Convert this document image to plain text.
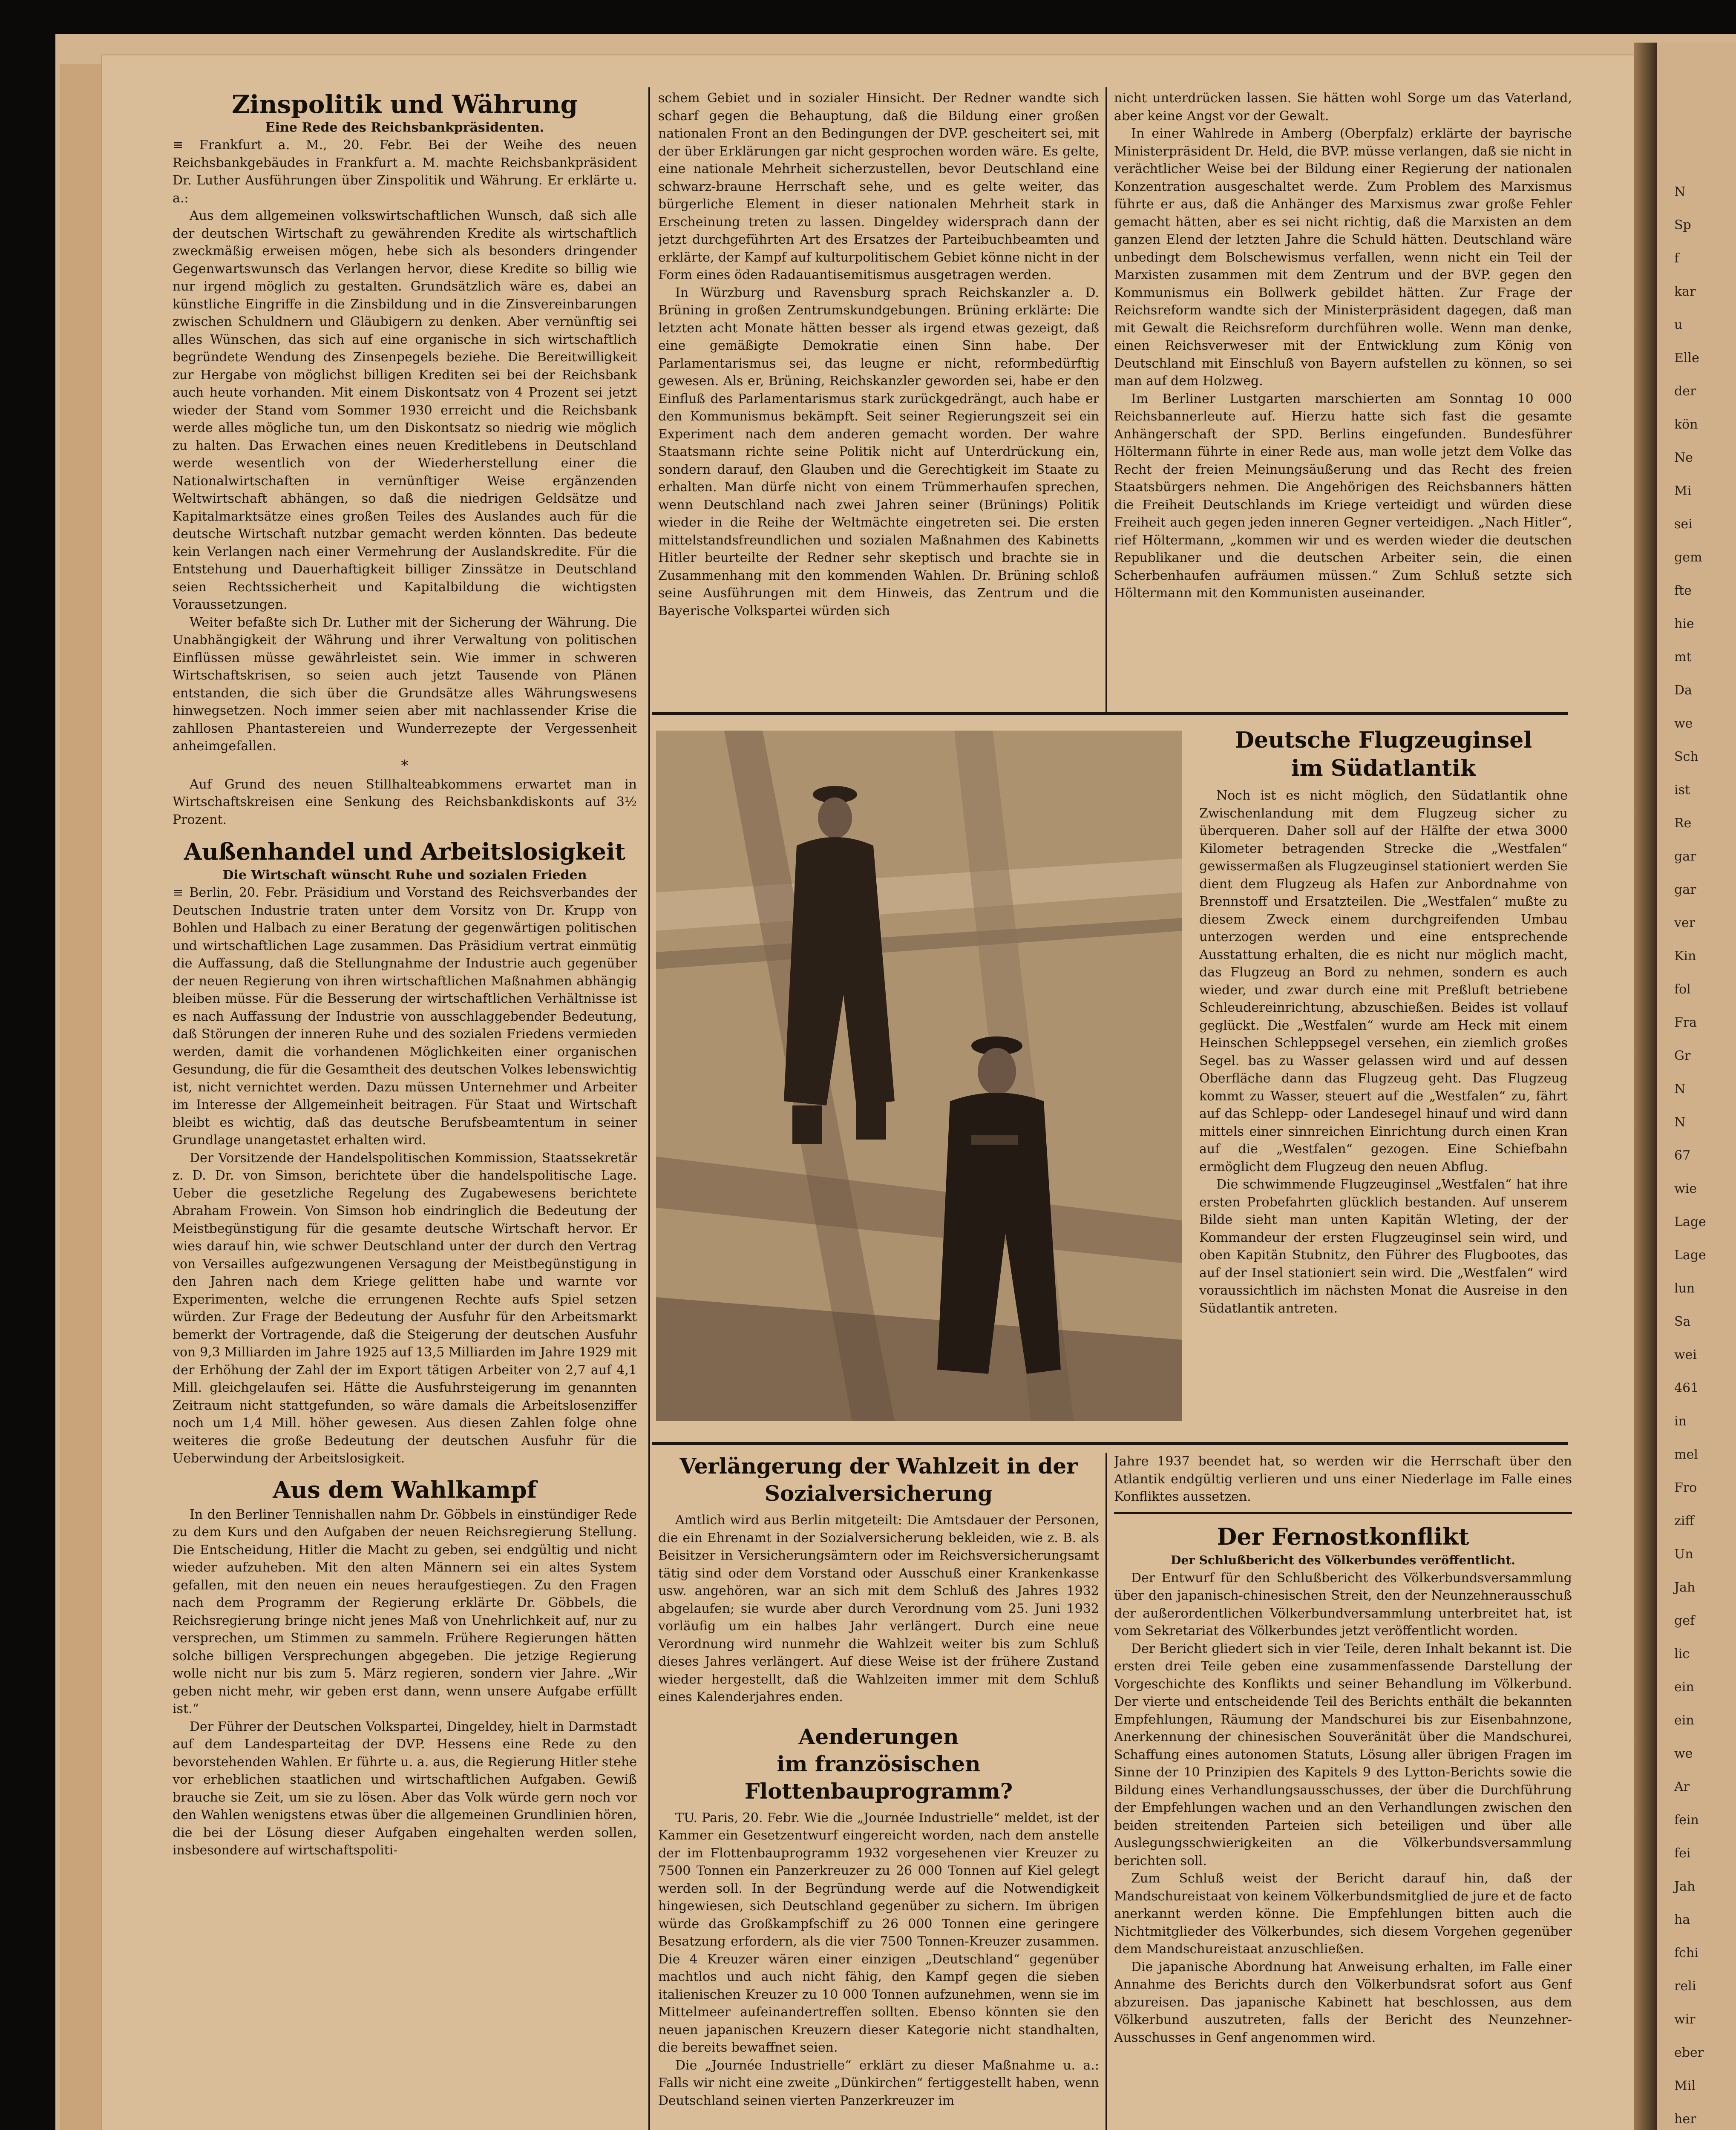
N
Sp
f
kar
u
Elle
der
kön
Ne
Mi
sei
gem
fte
hie
mt
Da
we
Sch
ist
Re
gar
gar
ver
Kin
fol
Fra
Gr
N
N
67
wie
Lage
Lage
lun
Sa
wei
461
in
mel
Fro
ziff
Un
Jah
gef
lic
ein
ein
we
Ar
fein
fei
Jah
ha
fchi
reli
wir
eber
Mil
her
Zinspolitik und Währung

Eine Rede des Reichsbankpräsidenten.

≡ Frankfurt a. M., 20. Febr. Bei der Weihe des neuen Reichsbankgebäudes in Frankfurt a. M. machte Reichsbankpräsident Dr. Luther Ausführungen über Zinspolitik und Währung. Er erklärte u. a.:

Aus dem allgemeinen volkswirtschaftlichen Wunsch, daß sich alle der deutschen Wirtschaft zu gewährenden Kredite als wirtschaftlich zweckmäßig erweisen mögen, hebe sich als besonders dringender Gegenwartswunsch das Verlangen hervor, diese Kredite so billig wie nur irgend möglich zu gestalten. Grundsätzlich wäre es, dabei an künstliche Eingriffe in die Zinsbildung und in die Zinsvereinbarungen zwischen Schuldnern und Gläubigern zu denken. Aber vernünftig sei alles Wünschen, das sich auf eine organische in sich wirtschaftlich begründete Wendung des Zinsenpegels beziehe. Die Bereitwilligkeit zur Hergabe von möglichst billigen Krediten sei bei der Reichsbank auch heute vorhanden. Mit einem Diskontsatz von 4 Prozent sei jetzt wieder der Stand vom Sommer 1930 erreicht und die Reichsbank werde alles mögliche tun, um den Diskontsatz so niedrig wie möglich zu halten. Das Erwachen eines neuen Kreditlebens in Deutschland werde wesentlich von der Wiederherstellung einer die Nationalwirtschaften in vernünftiger Weise ergänzenden Weltwirtschaft abhängen, so daß die niedrigen Geldsätze und Kapitalmarktsätze eines großen Teiles des Auslandes auch für die deutsche Wirtschaft nutzbar gemacht werden könnten. Das bedeute kein Verlangen nach einer Vermehrung der Auslandskredite. Für die Entstehung und Dauerhaftigkeit billiger Zinssätze in Deutschland seien Rechtssicherheit und Kapitalbildung die wichtigsten Voraussetzungen.

Weiter befaßte sich Dr. Luther mit der Sicherung der Währung. Die Unabhängigkeit der Währung und ihrer Verwaltung von politischen Einflüssen müsse gewährleistet sein. Wie immer in schweren Wirtschaftskrisen, so seien auch jetzt Tausende von Plänen entstanden, die sich über die Grundsätze alles Währungswesens hinwegsetzen. Noch immer seien aber mit nachlassender Krise die zahllosen Phantastereien und Wunderrezepte der Vergessenheit anheimgefallen.

*

Auf Grund des neuen Stillhalteabkommens erwartet man in Wirtschaftskreisen eine Senkung des Reichsbankdiskonts auf 3½ Prozent.

Außenhandel und Arbeitslosigkeit

Die Wirtschaft wünscht Ruhe und sozialen Frieden

≡ Berlin, 20. Febr. Präsidium und Vorstand des Reichsverbandes der Deutschen Industrie traten unter dem Vorsitz von Dr. Krupp von Bohlen und Halbach zu einer Beratung der gegenwärtigen politischen und wirtschaftlichen Lage zusammen. Das Präsidium vertrat einmütig die Auffassung, daß die Stellungnahme der Industrie auch gegenüber der neuen Regierung von ihren wirtschaftlichen Maßnahmen abhängig bleiben müsse. Für die Besserung der wirtschaftlichen Verhältnisse ist es nach Auffassung der Industrie von ausschlaggebender Bedeutung, daß Störungen der inneren Ruhe und des sozialen Friedens vermieden werden, damit die vorhandenen Möglichkeiten einer organischen Gesundung, die für die Gesamtheit des deutschen Volkes lebenswichtig ist, nicht vernichtet werden. Dazu müssen Unternehmer und Arbeiter im Interesse der Allgemeinheit beitragen. Für Staat und Wirtschaft bleibt es wichtig, daß das deutsche Berufsbeamtentum in seiner Grundlage unangetastet erhalten wird.

Der Vorsitzende der Handelspolitischen Kommission, Staatssekretär z. D. Dr. von Simson, berichtete über die handelspolitische Lage. Ueber die gesetzliche Regelung des Zugabewesens berichtete Abraham Frowein. Von Simson hob eindringlich die Bedeutung der Meistbegünstigung für die gesamte deutsche Wirtschaft hervor. Er wies darauf hin, wie schwer Deutschland unter der durch den Vertrag von Versailles aufgezwungenen Versagung der Meistbegünstigung in den Jahren nach dem Kriege gelitten habe und warnte vor Experimenten, welche die errungenen Rechte aufs Spiel setzen würden. Zur Frage der Bedeutung der Ausfuhr für den Arbeitsmarkt bemerkt der Vortragende, daß die Steigerung der deutschen Ausfuhr von 9,3 Milliarden im Jahre 1925 auf 13,5 Milliarden im Jahre 1929 mit der Erhöhung der Zahl der im Export tätigen Arbeiter von 2,7 auf 4,1 Mill. gleichgelaufen sei. Hätte die Ausfuhrsteigerung im genannten Zeitraum nicht stattgefunden, so wäre damals die Arbeitslosenziffer noch um 1,4 Mill. höher gewesen. Aus diesen Zahlen folge ohne weiteres die große Bedeutung der deutschen Ausfuhr für die Ueberwindung der Arbeitslosigkeit.

Aus dem Wahlkampf

In den Berliner Tennishallen nahm Dr. Göbbels in einstündiger Rede zu dem Kurs und den Aufgaben der neuen Reichsregierung Stellung. Die Entscheidung, Hitler die Macht zu geben, sei endgültig und nicht wieder aufzuheben. Mit den alten Männern sei ein altes System gefallen, mit den neuen ein neues heraufgestiegen. Zu den Fragen nach dem Programm der Regierung erklärte Dr. Göbbels, die Reichsregierung bringe nicht jenes Maß von Unehrlichkeit auf, nur zu versprechen, um Stimmen zu sammeln. Frühere Regierungen hätten solche billigen Versprechungen abgegeben. Die jetzige Regierung wolle nicht nur bis zum 5. März regieren, sondern vier Jahre. „Wir geben nicht mehr, wir geben erst dann, wenn unsere Aufgabe erfüllt ist.“

Der Führer der Deutschen Volkspartei, Dingeldey, hielt in Darmstadt auf dem Landesparteitag der DVP. Hessens eine Rede zu den bevorstehenden Wahlen. Er führte u. a. aus, die Regierung Hitler stehe vor erheblichen staatlichen und wirtschaftlichen Aufgaben. Gewiß brauche sie Zeit, um sie zu lösen. Aber das Volk würde gern noch vor den Wahlen wenigstens etwas über die allgemeinen Grundlinien hören, die bei der Lösung dieser Aufgaben eingehalten werden sollen, insbesondere auf wirtschaftspoliti-

schem Gebiet und in sozialer Hinsicht. Der Redner wandte sich scharf gegen die Behauptung, daß die Bildung einer großen nationalen Front an den Bedingungen der DVP. gescheitert sei, mit der über Erklärungen gar nicht gesprochen worden wäre. Es gelte, eine nationale Mehrheit sicherzustellen, bevor Deutschland eine schwarz-braune Herrschaft sehe, und es gelte weiter, das bürgerliche Element in dieser nationalen Mehrheit stark in Erscheinung treten zu lassen. Dingeldey widersprach dann der jetzt durchgeführten Art des Ersatzes der Parteibuchbeamten und erklärte, der Kampf auf kulturpolitischem Gebiet könne nicht in der Form eines öden Radauantisemitismus ausgetragen werden.

In Würzburg und Ravensburg sprach Reichskanzler a. D. Brüning in großen Zentrumskundgebungen. Brüning erklärte: Die letzten acht Monate hätten besser als irgend etwas gezeigt, daß eine gemäßigte Demokratie einen Sinn habe. Der Parlamentarismus sei, das leugne er nicht, reformbedürftig gewesen. Als er, Brüning, Reichskanzler geworden sei, habe er den Einfluß des Parlamentarismus stark zurückgedrängt, auch habe er den Kommunismus bekämpft. Seit seiner Regierungszeit sei ein Experiment nach dem anderen gemacht worden. Der wahre Staatsmann richte seine Politik nicht auf Unterdrückung ein, sondern darauf, den Glauben und die Gerechtigkeit im Staate zu erhalten. Man dürfe nicht von einem Trümmerhaufen sprechen, wenn Deutschland nach zwei Jahren seiner (Brünings) Politik wieder in die Reihe der Weltmächte eingetreten sei. Die ersten mittelstandsfreundlichen und sozialen Maßnahmen des Kabinetts Hitler beurteilte der Redner sehr skeptisch und brachte sie in Zusammenhang mit den kommenden Wahlen. Dr. Brüning schloß seine Ausführungen mit dem Hinweis, das Zentrum und die Bayerische Volkspartei würden sich

nicht unterdrücken lassen. Sie hätten wohl Sorge um das Vaterland, aber keine Angst vor der Gewalt.

In einer Wahlrede in Amberg (Oberpfalz) erklärte der bayrische Ministerpräsident Dr. Held, die BVP. müsse verlangen, daß sie nicht in verächtlicher Weise bei der Bildung einer Regierung der nationalen Konzentration ausgeschaltet werde. Zum Problem des Marxismus führte er aus, daß die Anhänger des Marxismus zwar große Fehler gemacht hätten, aber es sei nicht richtig, daß die Marxisten an dem ganzen Elend der letzten Jahre die Schuld hätten. Deutschland wäre unbedingt dem Bolschewismus verfallen, wenn nicht ein Teil der Marxisten zusammen mit dem Zentrum und der BVP. gegen den Kommunismus ein Bollwerk gebildet hätten. Zur Frage der Reichsreform wandte sich der Ministerpräsident dagegen, daß man mit Gewalt die Reichsreform durchführen wolle. Wenn man denke, einen Reichsverweser mit der Entwicklung zum König von Deutschland mit Einschluß von Bayern aufstellen zu können, so sei man auf dem Holzweg.

Im Berliner Lustgarten marschierten am Sonntag 10 000 Reichsbannerleute auf. Hierzu hatte sich fast die gesamte Anhängerschaft der SPD. Berlins eingefunden. Bundesführer Höltermann führte in einer Rede aus, man wolle jetzt dem Volke das Recht der freien Meinungsäußerung und das Recht des freien Staatsbürgers nehmen. Die Angehörigen des Reichsbanners hätten die Freiheit Deutschlands im Kriege verteidigt und würden diese Freiheit auch gegen jeden inneren Gegner verteidigen. „Nach Hitler“, rief Höltermann, „kommen wir und es werden wieder die deutschen Republikaner und die deutschen Arbeiter sein, die einen Scherbenhaufen aufräumen müssen.“ Zum Schluß setzte sich Höltermann mit den Kommunisten auseinander.

Deutsche Flugzeuginsel
im Südatlantik

Noch ist es nicht möglich, den Südatlantik ohne Zwischenlandung mit dem Flugzeug sicher zu überqueren. Daher soll auf der Hälfte der etwa 3000 Kilometer betragenden Strecke die „Westfalen“ gewissermaßen als Flugzeuginsel stationiert werden Sie dient dem Flugzeug als Hafen zur Anbordnahme von Brennstoff und Ersatzteilen. Die „Westfalen“ mußte zu diesem Zweck einem durchgreifenden Umbau unterzogen werden und eine entsprechende Ausstattung erhalten, die es nicht nur möglich macht, das Flugzeug an Bord zu nehmen, sondern es auch wieder, und zwar durch eine mit Preßluft betriebene Schleudereinrichtung, abzuschießen. Beides ist vollauf geglückt. Die „Westfalen“ wurde am Heck mit einem Heinschen Schleppsegel versehen, ein ziemlich großes Segel. bas zu Wasser gelassen wird und auf dessen Oberfläche dann das Flugzeug geht. Das Flugzeug kommt zu Wasser, steuert auf die „Westfalen“ zu, fährt auf das Schlepp- oder Landesegel hinauf und wird dann mittels einer sinnreichen Einrichtung durch einen Kran auf die „Westfalen“ gezogen. Eine Schiefbahn ermöglicht dem Flugzeug den neuen Abflug.

Die schwimmende Flugzeuginsel „Westfalen“ hat ihre ersten Probefahrten glücklich bestanden. Auf unserem Bilde sieht man unten Kapitän Wleting, der der Kommandeur der ersten Flugzeuginsel sein wird, und oben Kapitän Stubnitz, den Führer des Flugbootes, das auf der Insel stationiert sein wird. Die „Westfalen“ wird voraussichtlich im nächsten Monat die Ausreise in den Südatlantik antreten.

Verlängerung der Wahlzeit in der
Sozialversicherung

Amtlich wird aus Berlin mitgeteilt: Die Amtsdauer der Personen, die ein Ehrenamt in der Sozialversicherung bekleiden, wie z. B. als Beisitzer in Versicherungsämtern oder im Reichsversicherungsamt tätig sind oder dem Vorstand oder Ausschuß einer Krankenkasse usw. angehören, war an sich mit dem Schluß des Jahres 1932 abgelaufen; sie wurde aber durch Verordnung vom 25. Juni 1932 vorläufig um ein halbes Jahr verlängert. Durch eine neue Verordnung wird nunmehr die Wahlzeit weiter bis zum Schluß dieses Jahres verlängert. Auf diese Weise ist der frühere Zustand wieder hergestellt, daß die Wahlzeiten immer mit dem Schluß eines Kalenderjahres enden.

Aenderungen
im französischen Flottenbauprogramm?

TU. Paris, 20. Febr. Wie die „Journée Industrielle“ meldet, ist der Kammer ein Gesetzentwurf eingereicht worden, nach dem anstelle der im Flottenbauprogramm 1932 vorgesehenen vier Kreuzer zu 7500 Tonnen ein Panzerkreuzer zu 26 000 Tonnen auf Kiel gelegt werden soll. In der Begründung werde auf die Notwendigkeit hingewiesen, sich Deutschland gegenüber zu sichern. Im übrigen würde das Großkampfschiff zu 26 000 Tonnen eine geringere Besatzung erfordern, als die vier 7500 Tonnen-Kreuzer zusammen. Die 4 Kreuzer wären einer einzigen „Deutschland“ gegenüber machtlos und auch nicht fähig, den Kampf gegen die sieben italienischen Kreuzer zu 10 000 Tonnen aufzunehmen, wenn sie im Mittelmeer aufeinandertreffen sollten. Ebenso könnten sie den neuen japanischen Kreuzern dieser Kategorie nicht standhalten, die bereits bewaffnet seien.

Die „Journée Industrielle“ erklärt zu dieser Maßnahme u. a.: Falls wir nicht eine zweite „Dünkirchen“ fertiggestellt haben, wenn Deutschland seinen vierten Panzerkreuzer im

Jahre 1937 beendet hat, so werden wir die Herrschaft über den Atlantik endgültig verlieren und uns einer Niederlage im Falle eines Konfliktes aussetzen.

Der Fernostkonflikt

Der Schlußbericht des Völkerbundes veröffentlicht.

Der Entwurf für den Schlußbericht des Völkerbundsversammlung über den japanisch-chinesischen Streit, den der Neunzehnerausschuß der außerordentlichen Völkerbundversammlung unterbreitet hat, ist vom Sekretariat des Völkerbundes jetzt veröffentlicht worden.

Der Bericht gliedert sich in vier Teile, deren Inhalt bekannt ist. Die ersten drei Teile geben eine zusammenfassende Darstellung der Vorgeschichte des Konflikts und seiner Behandlung im Völkerbund. Der vierte und entscheidende Teil des Berichts enthält die bekannten Empfehlungen, Räumung der Mandschurei bis zur Eisenbahnzone, Anerkennung der chinesischen Souveränität über die Mandschurei, Schaffung eines autonomen Statuts, Lösung aller übrigen Fragen im Sinne der 10 Prinzipien des Kapitels 9 des Lytton-Berichts sowie die Bildung eines Verhandlungsausschusses, der über die Durchführung der Empfehlungen wachen und an den Verhandlungen zwischen den beiden streitenden Parteien sich beteiligen und über alle Auslegungsschwierigkeiten an die Völkerbundsversammlung berichten soll.

Zum Schluß weist der Bericht darauf hin, daß der Mandschureistaat von keinem Völkerbundsmitglied de jure et de facto anerkannt werden könne. Die Empfehlungen bitten auch die Nichtmitglieder des Völkerbundes, sich diesem Vorgehen gegenüber dem Mandschureistaat anzuschließen.

Die japanische Abordnung hat Anweisung erhalten, im Falle einer Annahme des Berichts durch den Völkerbundsrat sofort aus Genf abzureisen. Das japanische Kabinett hat beschlossen, aus dem Völkerbund auszutreten, falls der Bericht des Neunzehner-Ausschusses in Genf angenommen wird.
